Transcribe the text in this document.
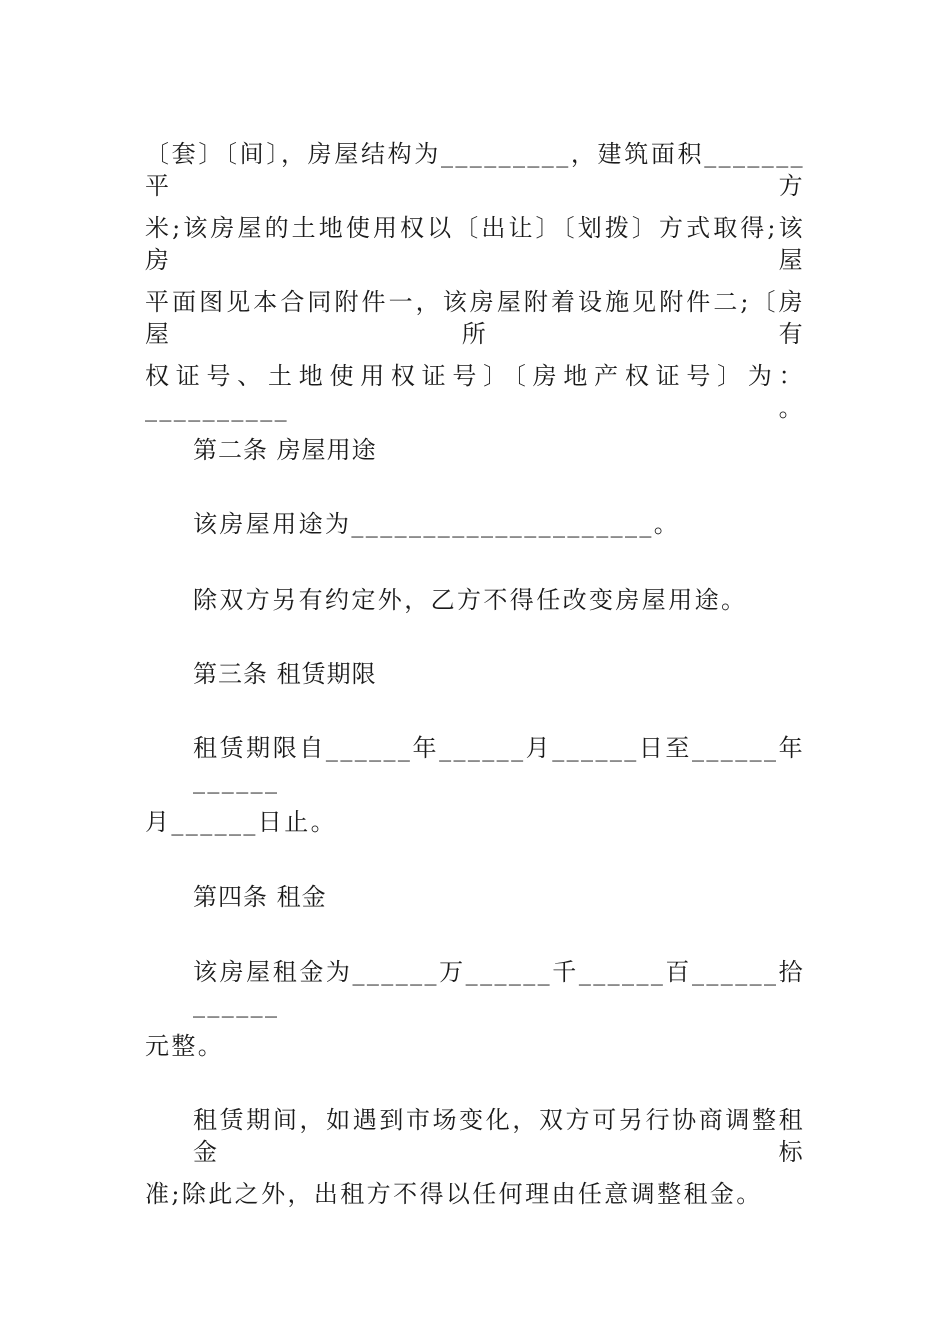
〔套〕〔间〕，房屋结构为_________，建筑面积_______平方
米;该房屋的土地使用权以〔出让〕〔划拨〕方式取得;该房屋
平面图见本合同附件一，该房屋附着设施见附件二;〔房屋所有
权证号、土地使用权证号〕〔房地产权证号〕为：__________。
第二条 房屋用途
该房屋用途为_____________________。
除双方另有约定外，乙方不得任改变房屋用途。
第三条 租赁期限
租赁期限自______年______月______日至______年______
月______日止。
第四条 租金
该房屋租金为______万______千______百______拾______
元整。
租赁期间，如遇到市场变化，双方可另行协商调整租金标
准;除此之外，出租方不得以任何理由任意调整租金。
